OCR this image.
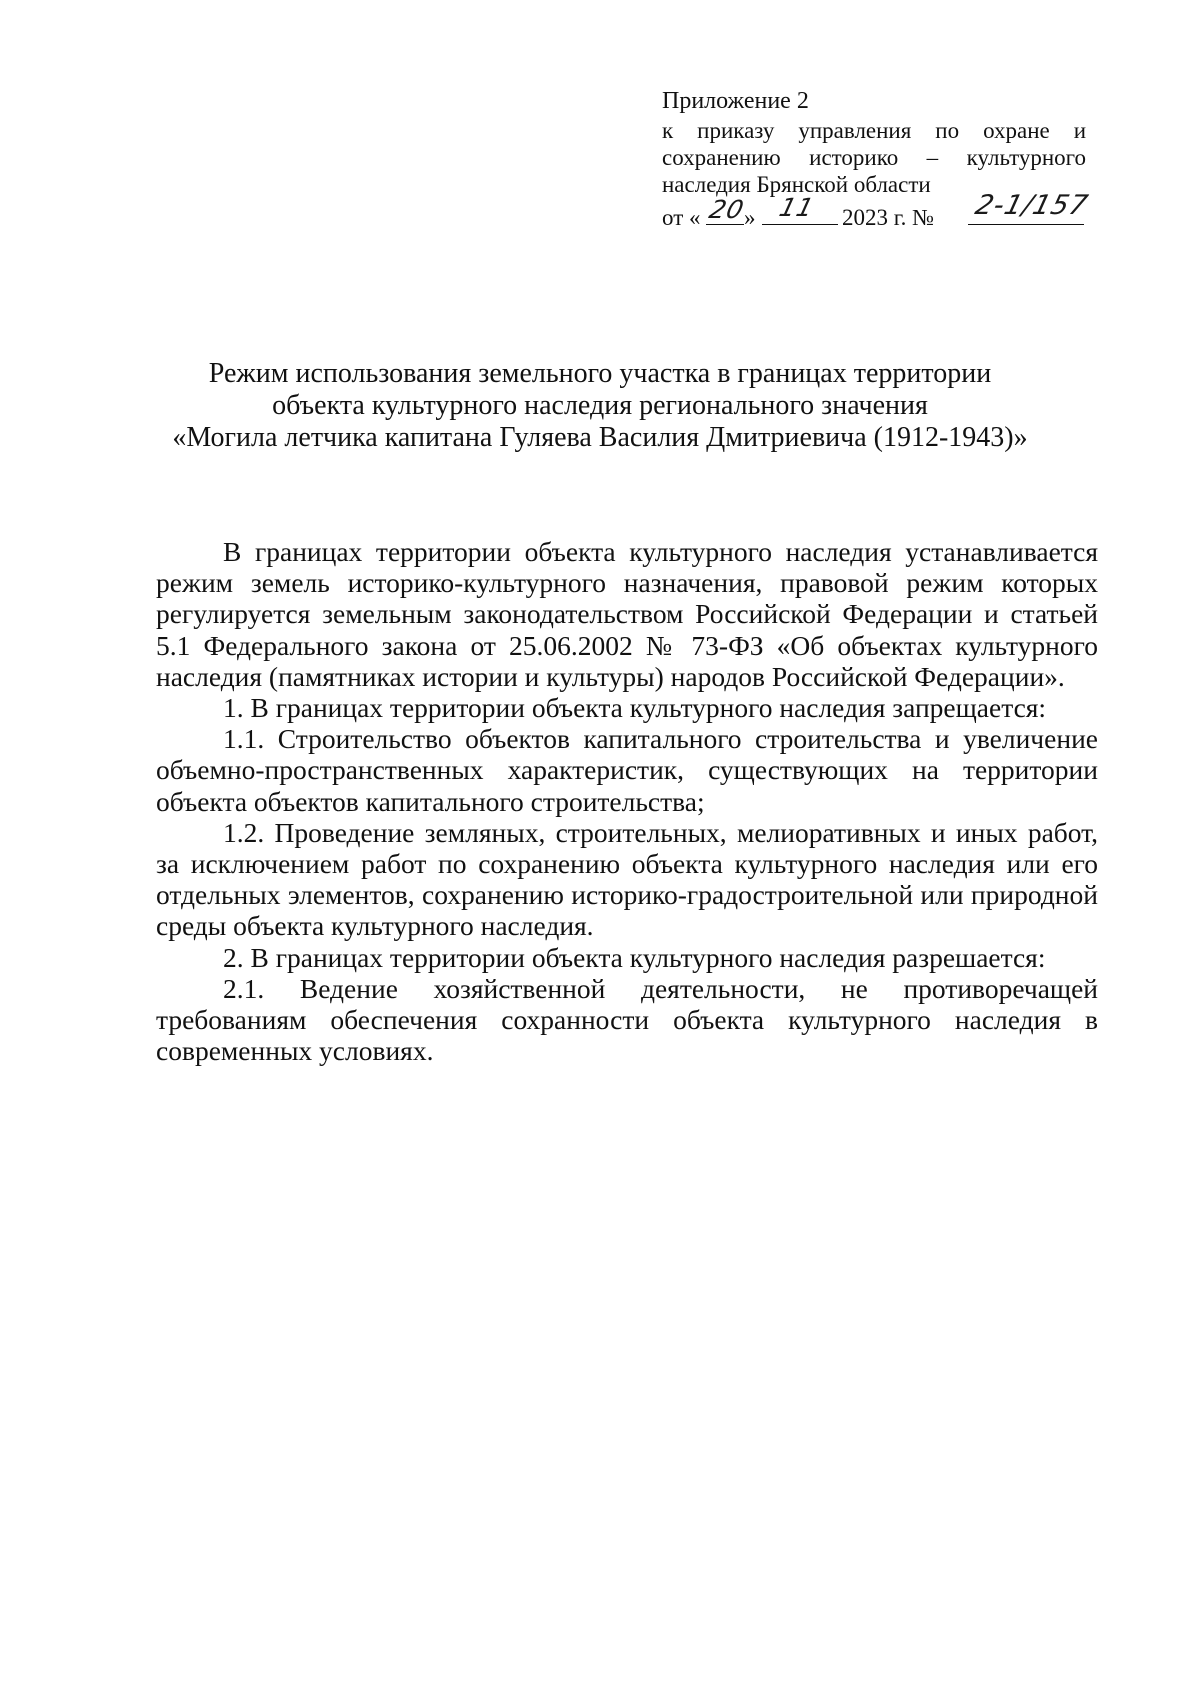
Приложение 2
к приказу управления по охране и сохранению историко – культурного наследия Брянской области
от « 20
» 11 2023 г. № 2-1/157
Режим использования земельного участка в границах территории
объекта культурного наследия регионального значения
«Могила летчика капитана Гуляева Василия Дмитриевича (1912-1943)»

В границах территории объекта культурного наследия устанавливается режим земель историко-культурного назначения, правовой режим которых регулируется земельным законодательством Российской Федерации и статьей 5.1 Федерального закона от 25.06.2002 № 73-ФЗ «Об объектах культурного наследия (памятниках истории и культуры) народов Российской Федерации».

1. В границах территории объекта культурного наследия запрещается:

1.1. Строительство объектов капитального строительства и увеличение объемно-пространственных характеристик, существующих на территории объекта объектов капитального строительства;

1.2. Проведение земляных, строительных, мелиоративных и иных работ, за исключением работ по сохранению объекта культурного наследия или его отдельных элементов, сохранению историко-градостроительной или природной среды объекта культурного наследия.

2. В границах территории объекта культурного наследия разрешается:

2.1. Ведение хозяйственной деятельности, не противоречащей требованиям обеспечения сохранности объекта культурного наследия в современных условиях.
